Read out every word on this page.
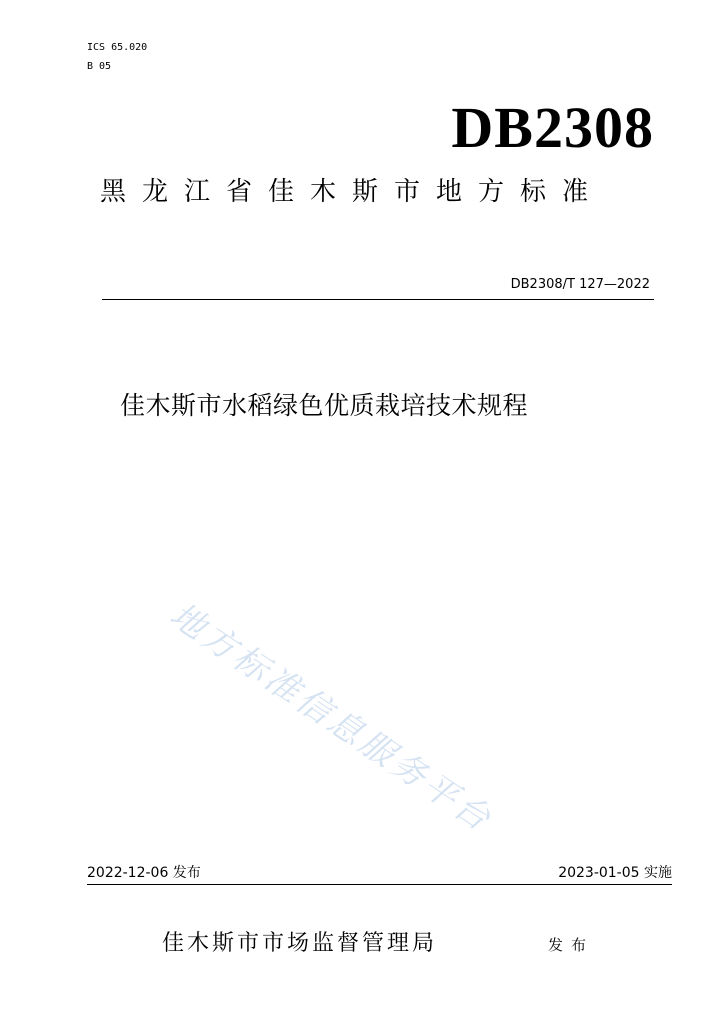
ICS 65.020
B 05
DB2308
黑龙江省佳木斯市地方标准
DB2308/T 127—2022
佳木斯市水稻绿色优质栽培技术规程
地方标准信息服务平台
2022-12-06 发布	2023-01-05 实施
佳木斯市市场监督管理局	发布
